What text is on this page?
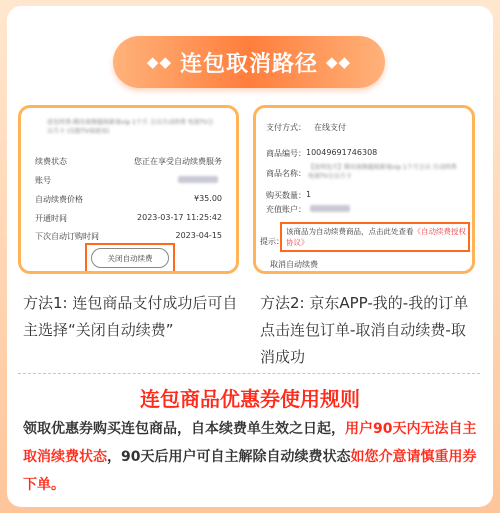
◆◆ 连包取消路径 ◆◆
连包续费-腾讯视频超级影视vip 1个月 会员自动续费 电视TV会员月卡 (仅限TV端使用)
续费状态	您正在享受自动续费服务
账号
自动续费价格	¥35.00
开通时间	2023-03-17 11:25:42
下次自动订购时间	2023-04-15
关闭自动续费
支付方式： 在线支付
商品编号： 10049691746308
商品名称：
【连续包月】腾讯视频超级影视vip 1个月会员 自动续费 电视TV会员月卡
购买数量： 1
充值账户：
提示：
该商品为自动续费商品，点击此处查看《自动续费授权协议》
取消自动续费
方法1: 连包商品支付成功后可自主选择“关闭自动续费”
方法2: 京东APP-我的-我的订单点击连包订单-取消自动续费-取消成功
连包商品优惠券使用规则
领取优惠券购买连包商品，自本续费单生效之日起，用户90天内无法自主取消续费状态，90天后用户可自主解除自动续费状态如您介意请慎重用券下单。
